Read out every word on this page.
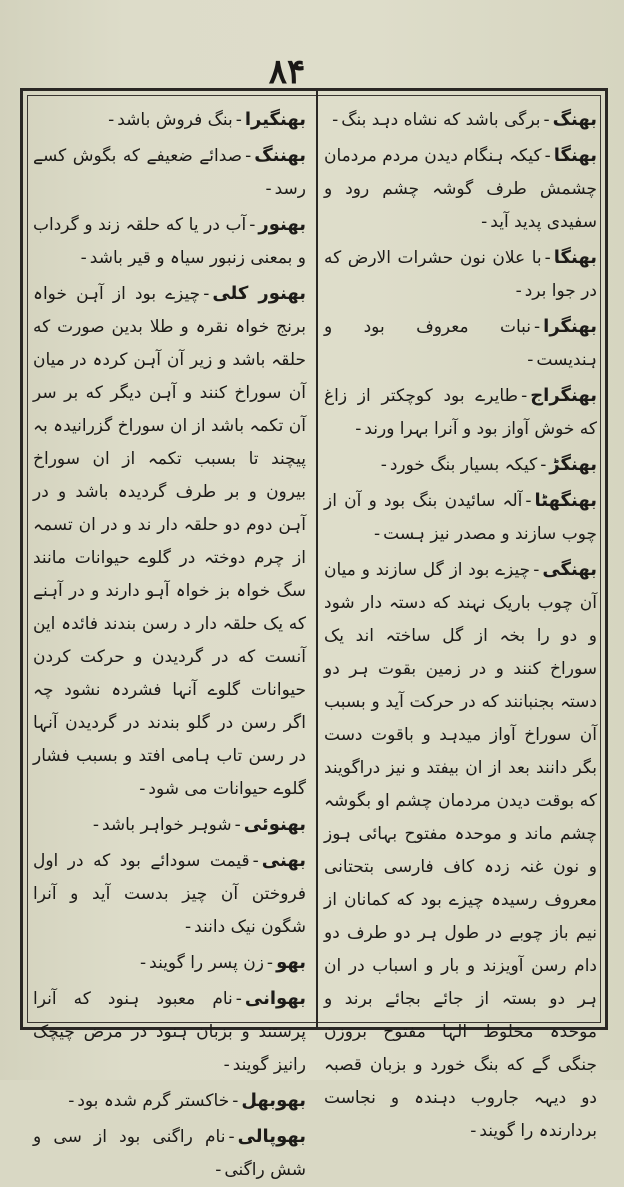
۸۴

بھنگ-برگی باشد که نشاه دہد بنگ-

بھنگا-کیکہ ہنگام دیدن مردم مردمان چشمش طرف گوشہ چشم رود و سفیدی پدید آید-

بھنگا-با علان نون حشرات الارض که در جوا برد-

بھنگرا-نبات معروف بود و ہندیست-

بھنگراج-طایرے بود کوچکتر از زاغ که خوش آواز بود و آنرا بہرا ورند-

بھنگڑ-کیکہ بسیار بنگ خورد-

بھنگھٹا-آلہ سائیدن بنگ بود و آن از چوب سازند و مصدر نیز ہست-

بھنگی-چیزے بود از گل سازند و میان آن چوب باریک نہند که دستہ دار شود و دو را بخہ از گل ساختہ اند یک سوراخ کنند و در زمین بقوت ہر دو دستہ بجنبانند که در حرکت آید و بسبب آن سوراخ آواز میدہد و باقوت دست بگر دانند بعد از ان بیفتد و نیز دراگویند که بوقت دیدن مردمان چشم او بگوشہ چشم ماند و موحدہ مفتوح بہائی ہوز و نون غنہ زدہ کاف فارسی بتحتانی معروف رسیدہ چیزے بود که کمانان از نیم باز چوبے در طول ہر دو طرف دو دام رسن آویزند و بار و اسباب در ان ہر دو بستہ از جائے بجائے برند و موحدہ مخلوط الہا مفتوح بروزن جنگی گے که بنگ خورد و بزبان قصبہ دو دیہہ جاروب دہندہ و نجاست بردارندہ را گویند-

بھنگیرا-بنگ فروش باشد-

بھننگ-صدائے ضعیفے که بگوش کسے رسد-

بھنور-آب در یا که حلقہ زند و گرداب و بمعنی زنبور سیاہ و قیر باشد-

بھنور کلی-چیزے بود از آہن خواہ برنج خواہ نقرہ و طلا بدین صورت که حلقہ باشد و زیر آن آہن کردہ در میان آن سوراخ کنند و آہن دیگر که بر سر آن تکمہ باشد از ان سوراخ گزرانیدہ بہ پیچند تا بسبب تکمہ از ان سوراخ بیرون و بر طرف گردیدہ باشد و در آہن دوم دو حلقہ دار ند و در ان تسمہ از چرم دوختہ در گلوے حیوانات مانند سگ خواہ بز خواہ آہو دارند و در آہنے که یک حلقہ دار د رسن بندند فائدہ این آنست که در گردیدن و حرکت کردن حیوانات گلوے آنہا فشردہ نشود چہ اگر رسن در گلو بندند در گردیدن آنہا در رسن تاب ہامی افتد و بسبب فشار گلوے حیوانات می شود-

بھنوئی-شوہر خواہر باشد-

بھنی-قیمت سودائے بود که در اول فروختن آن چیز بدست آید و آنرا شگون نیک دانند-

بھو-زن پسر را گویند-

بھوانی-نام معبود ہنود که آنرا پرستند و بزبان ہنود در مرض چیچک رانیز گویند-

بھوبھل-خاکستر گرم شدہ بود-

بھوپالی-نام راگنی بود از سی و شش راگنی-
